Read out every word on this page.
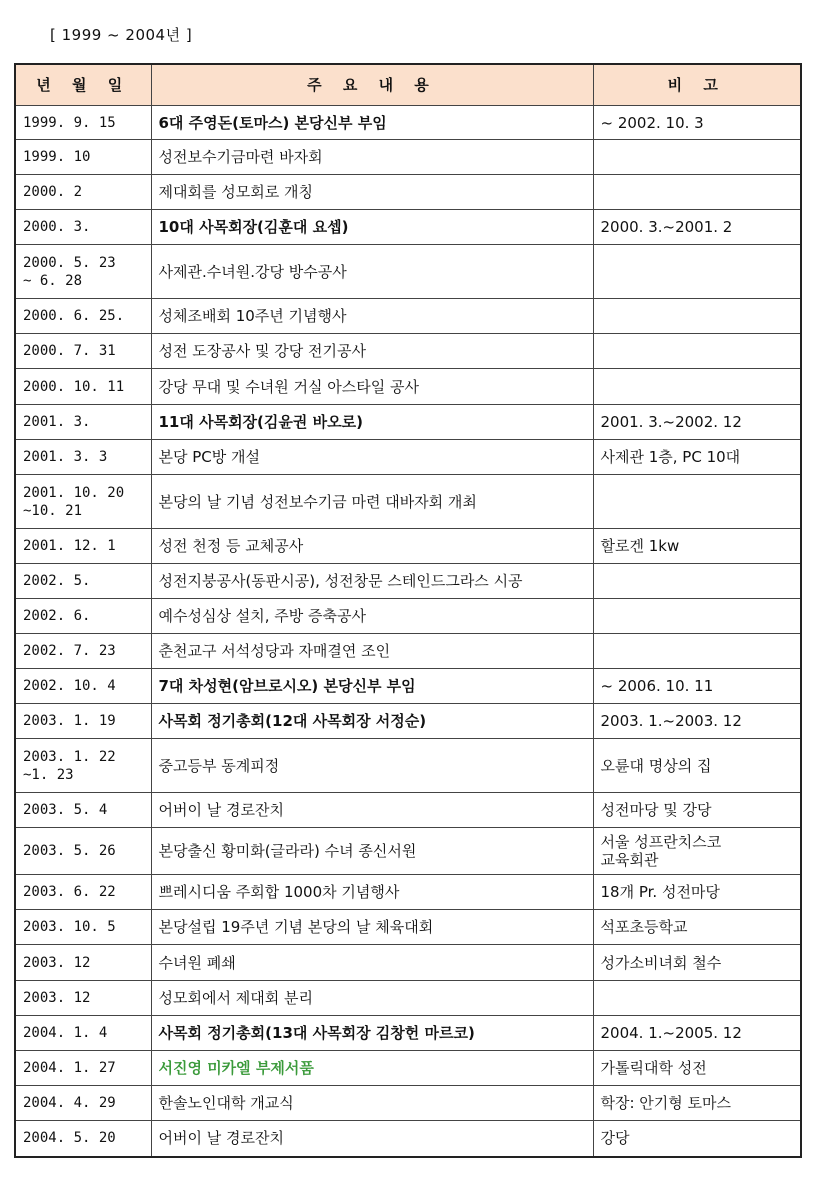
[ 1999 ~ 2004년 ]
년 월 일	주 요 내 용	비 고
1999. 9. 15	6대 주영돈(토마스) 본당신부 부임	~ 2002. 10. 3
1999. 10	성전보수기금마련 바자회	
2000. 2	제대회를 성모회로 개칭	
2000. 3.	10대 사목회장(김훈대 요셉)	2000. 3.~2001. 2
2000. 5. 23
~ 6. 28	사제관.수녀원.강당 방수공사	
2000. 6. 25.	성체조배회 10주년 기념행사	
2000. 7. 31	성전 도장공사 및 강당 전기공사	
2000. 10. 11	강당 무대 및 수녀원 거실 아스타일 공사	
2001. 3.	11대 사목회장(김윤권 바오로)	2001. 3.~2002. 12
2001. 3. 3	본당 PC방 개설	사제관 1층, PC 10대
2001. 10. 20
~10. 21	본당의 날 기념 성전보수기금 마련 대바자회 개최	
2001. 12. 1	성전 천정 등 교체공사	할로겐 1kw
2002. 5.	성전지붕공사(동판시공), 성전창문 스테인드그라스 시공	
2002. 6.	예수성심상 설치, 주방 증축공사	
2002. 7. 23	춘천교구 서석성당과 자매결연 조인	
2002. 10. 4	7대 차성현(암브로시오) 본당신부 부임	~ 2006. 10. 11
2003. 1. 19	사목회 정기총회(12대 사목회장 서정순)	2003. 1.~2003. 12
2003. 1. 22
~1. 23	중고등부 동계피정	오륜대 명상의 집
2003. 5. 4	어버이 날 경로잔치	성전마당 및 강당
2003. 5. 26	본당출신 황미화(글라라) 수녀 종신서원	서울 성프란치스코
교육회관
2003. 6. 22	쁘레시디움 주회합 1000차 기념행사	18개 Pr. 성전마당
2003. 10. 5	본당설립 19주년 기념 본당의 날 체육대회	석포초등학교
2003. 12	수녀원 폐쇄	성가소비녀회 철수
2003. 12	성모회에서 제대회 분리	
2004. 1. 4	사목회 정기총회(13대 사목회장 김창헌 마르코)	2004. 1.~2005. 12
2004. 1. 27	서진영 미카엘 부제서품	가톨릭대학 성전
2004. 4. 29	한솔노인대학 개교식	학장: 안기형 토마스
2004. 5. 20	어버이 날 경로잔치	강당
